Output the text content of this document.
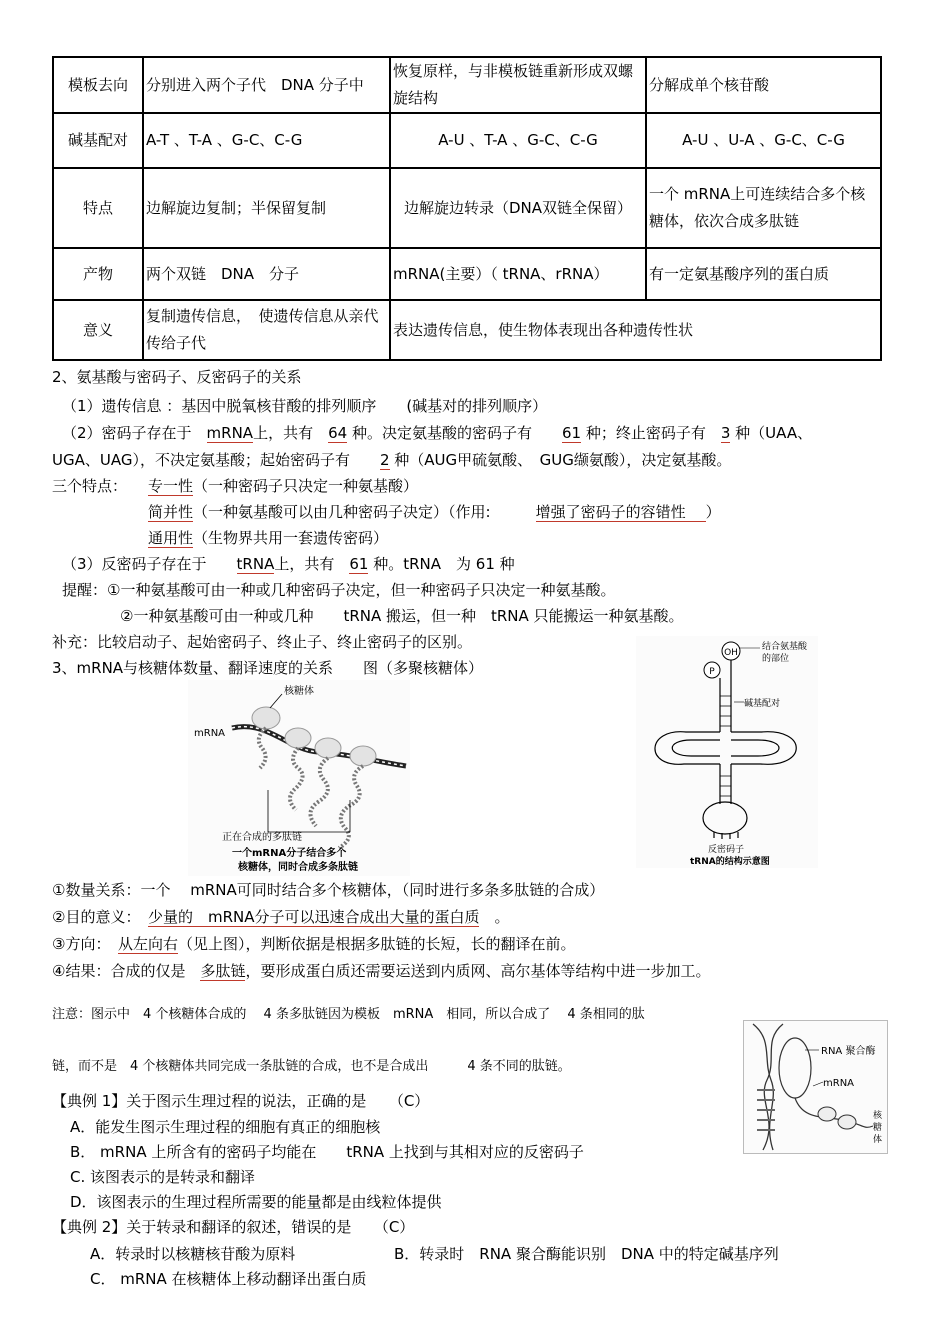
模板去向	分别进入两个子代　DNA 分子中	恢复原样，与非模板链重新形成双螺旋结构	分解成单个核苷酸
碱基配对	A-T 、T-A 、G-C、C-G	A-U 、T-A 、G-C、C-G	A-U 、U-A 、G-C、C-G
特点	边解旋边复制；半保留复制	边解旋边转录（DNA双链全保留）	一个 mRNA上可连续结合多个核糖体，依次合成多肽链
产物	两个双链　DNA　分子	mRNA(主要）（ tRNA、rRNA）	有一定氨基酸序列的蛋白质
意义	复制遗传信息，　使遗传信息从亲代传给子代	表达遗传信息，使生物体表现出各种遗传性状	
2、氨基酸与密码子、反密码子的关系
（1）遗传信息 ：基因中脱氧核苷酸的排列顺序　　(碱基对的排列顺序）
（2）密码子存在于　mRNA上，共有　64 种。决定氨基酸的密码子有　　61 种；终止密码子有　3 种（UAA、
UGA、UAG），不决定氨基酸；起始密码子有　　2 种（AUG甲硫氨酸、　GUG缬氨酸），决定氨基酸。
三个特点： 专一性（一种密码子只决定一种氨基酸）
简并性（一种氨基酸可以由几种密码子决定）（作用:　　　增强了密码子的容错性 ）
通用性（生物界共用一套遗传密码）
（3）反密码子存在于　　tRNA上，共有　61 种。tRNA　为 61 种
提醒：①一种氨基酸可由一种或几种密码子决定，但一种密码子只决定一种氨基酸。
②一种氨基酸可由一种或几种　　tRNA 搬运，但一种　tRNA 只能搬运一种氨基酸。
补充：比较启动子、起始密码子、终止子、终止密码子的区别。
3、mRNA与核糖体数量、翻译速度的关系　　图（多聚核糖体）
核糖体
mRNA
正在合成的多肽链
一个mRNA分子结合多个
核糖体，同时合成多条肽链
OH
P
结合氨基酸
的部位
碱基配对
反密码子
tRNA的结构示意图
①数量关系：一个　 mRNA可同时结合多个核糖体，（同时进行多条多肽链的合成）
②目的意义：　少量的　mRNA分子可以迅速合成出大量的蛋白质　。
③方向：　从左向右（见上图），判断依据是根据多肽链的长短，长的翻译在前。
④结果：合成的仅是　多肽链，要形成蛋白质还需要运送到内质网、高尔基体等结构中进一步加工。
注意：图示中　4 个核糖体合成的　 4 条多肽链因为模板　mRNA　相同，所以合成了　 4 条相同的肽
链，而不是　4 个核糖体共同完成一条肽链的合成，也不是合成出　　　4 条不同的肽链。
RNA 聚合酶
mRNA
核
糖
体
【典例 1】关于图示生理过程的说法，正确的是　　（C）
A．能发生图示生理过程的细胞有真正的细胞核
B． mRNA 上所含有的密码子均能在　　tRNA 上找到与其相对应的反密码子
C. 该图表示的是转录和翻译
D．该图表示的生理过程所需要的能量都是由线粒体提供
【典例 2】关于转录和翻译的叙述，错误的是　　（C）
A．转录时以核糖核苷酸为原料	B．转录时　RNA 聚合酶能识别　DNA 中的特定碱基序列
C． mRNA 在核糖体上移动翻译出蛋白质
